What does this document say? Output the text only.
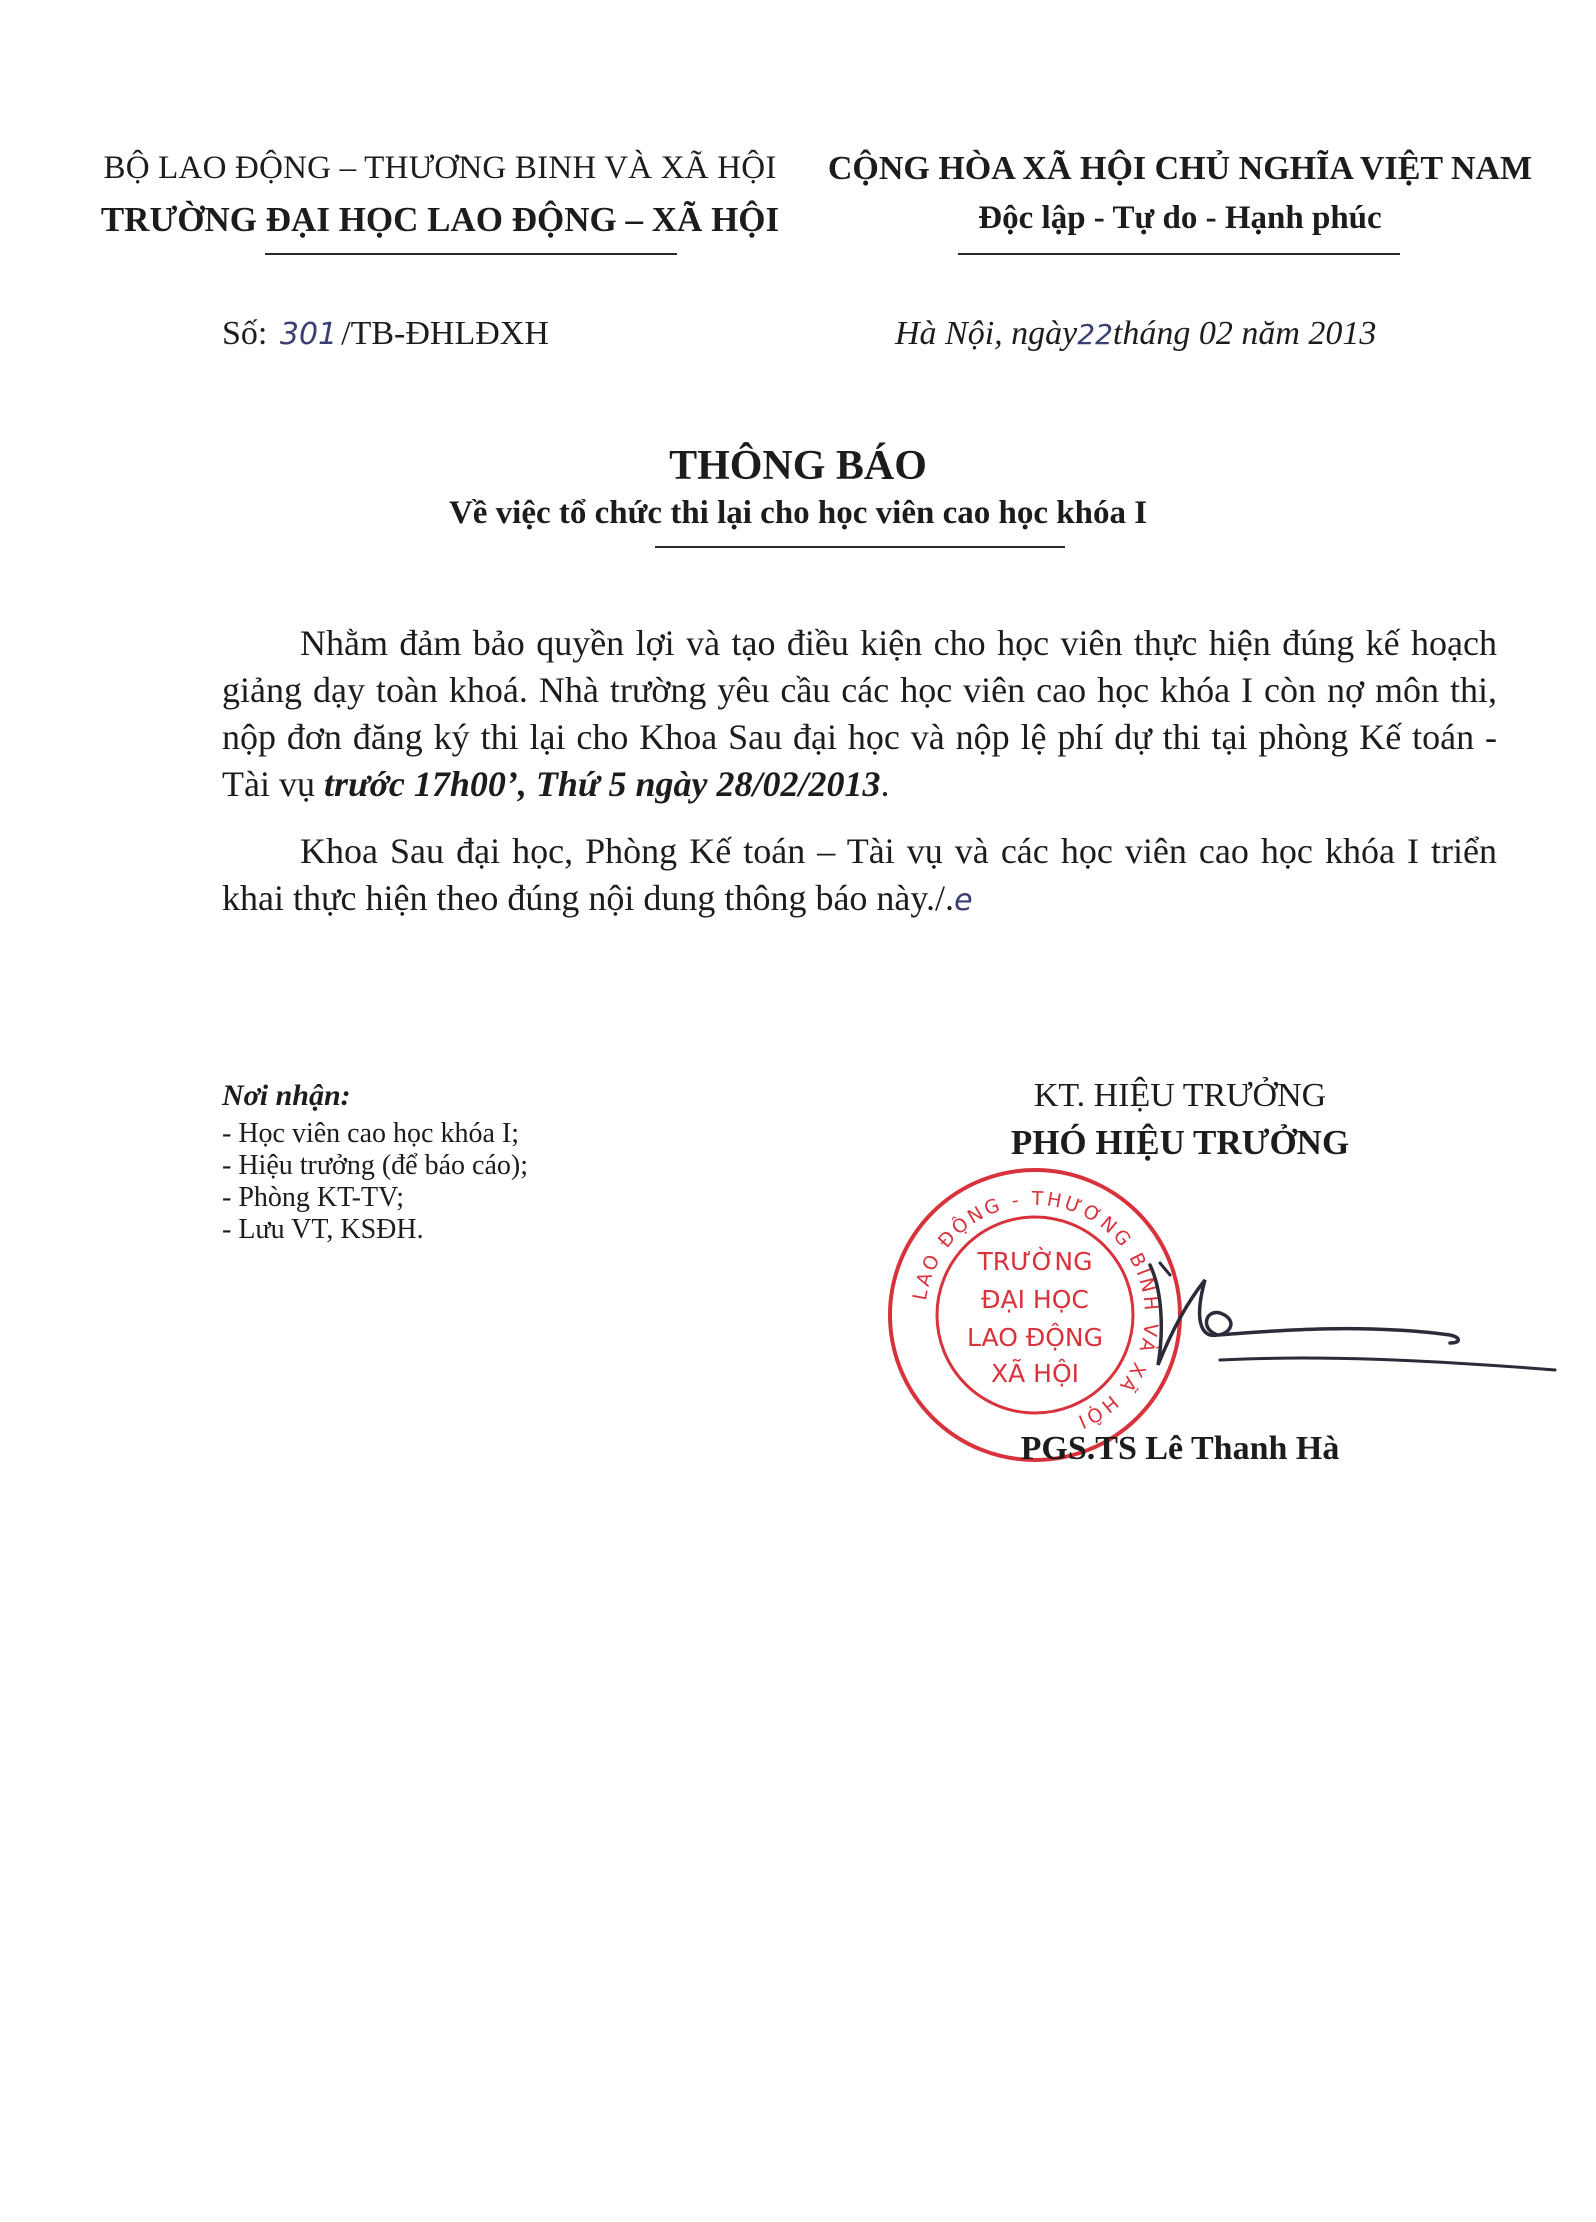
BỘ LAO ĐỘNG – THƯƠNG BINH VÀ XÃ HỘI
TRƯỜNG ĐẠI HỌC LAO ĐỘNG – XÃ HỘI
CỘNG HÒA XÃ HỘI CHỦ NGHĨA VIỆT NAM
Độc lập - Tự do - Hạnh phúc
Số: 301 /TB-ĐHLĐXH	Hà Nội, ngày22tháng 02 năm 2013
THÔNG BÁO
Về việc tổ chức thi lại cho học viên cao học khóa I

Nhằm đảm bảo quyền lợi và tạo điều kiện cho học viên thực hiện đúng kế hoạch giảng dạy toàn khoá. Nhà trường yêu cầu các học viên cao học khóa I còn nợ môn thi, nộp đơn đăng ký thi lại cho Khoa Sau đại học và nộp lệ phí dự thi tại phòng Kế toán - Tài vụ trước 17h00’, Thứ 5 ngày 28/02/2013.

Khoa Sau đại học, Phòng Kế toán – Tài vụ và các học viên cao học khóa I triển khai thực hiện theo đúng nội dung thông báo này./.e

Nơi nhận:
- Học viên cao học khóa I;
- Hiệu trưởng (để báo cáo);
- Phòng KT-TV;
- Lưu VT, KSĐH.
KT. HIỆU TRƯỞNG
PHÓ HIỆU TRƯỞNG
LAO ĐỘNG - THƯƠNG BINH VÀ XÃ HỘI
TRƯỜNG
ĐẠI HỌC
LAO ĐỘNG
XÃ HỘI
PGS.TS Lê Thanh Hà
